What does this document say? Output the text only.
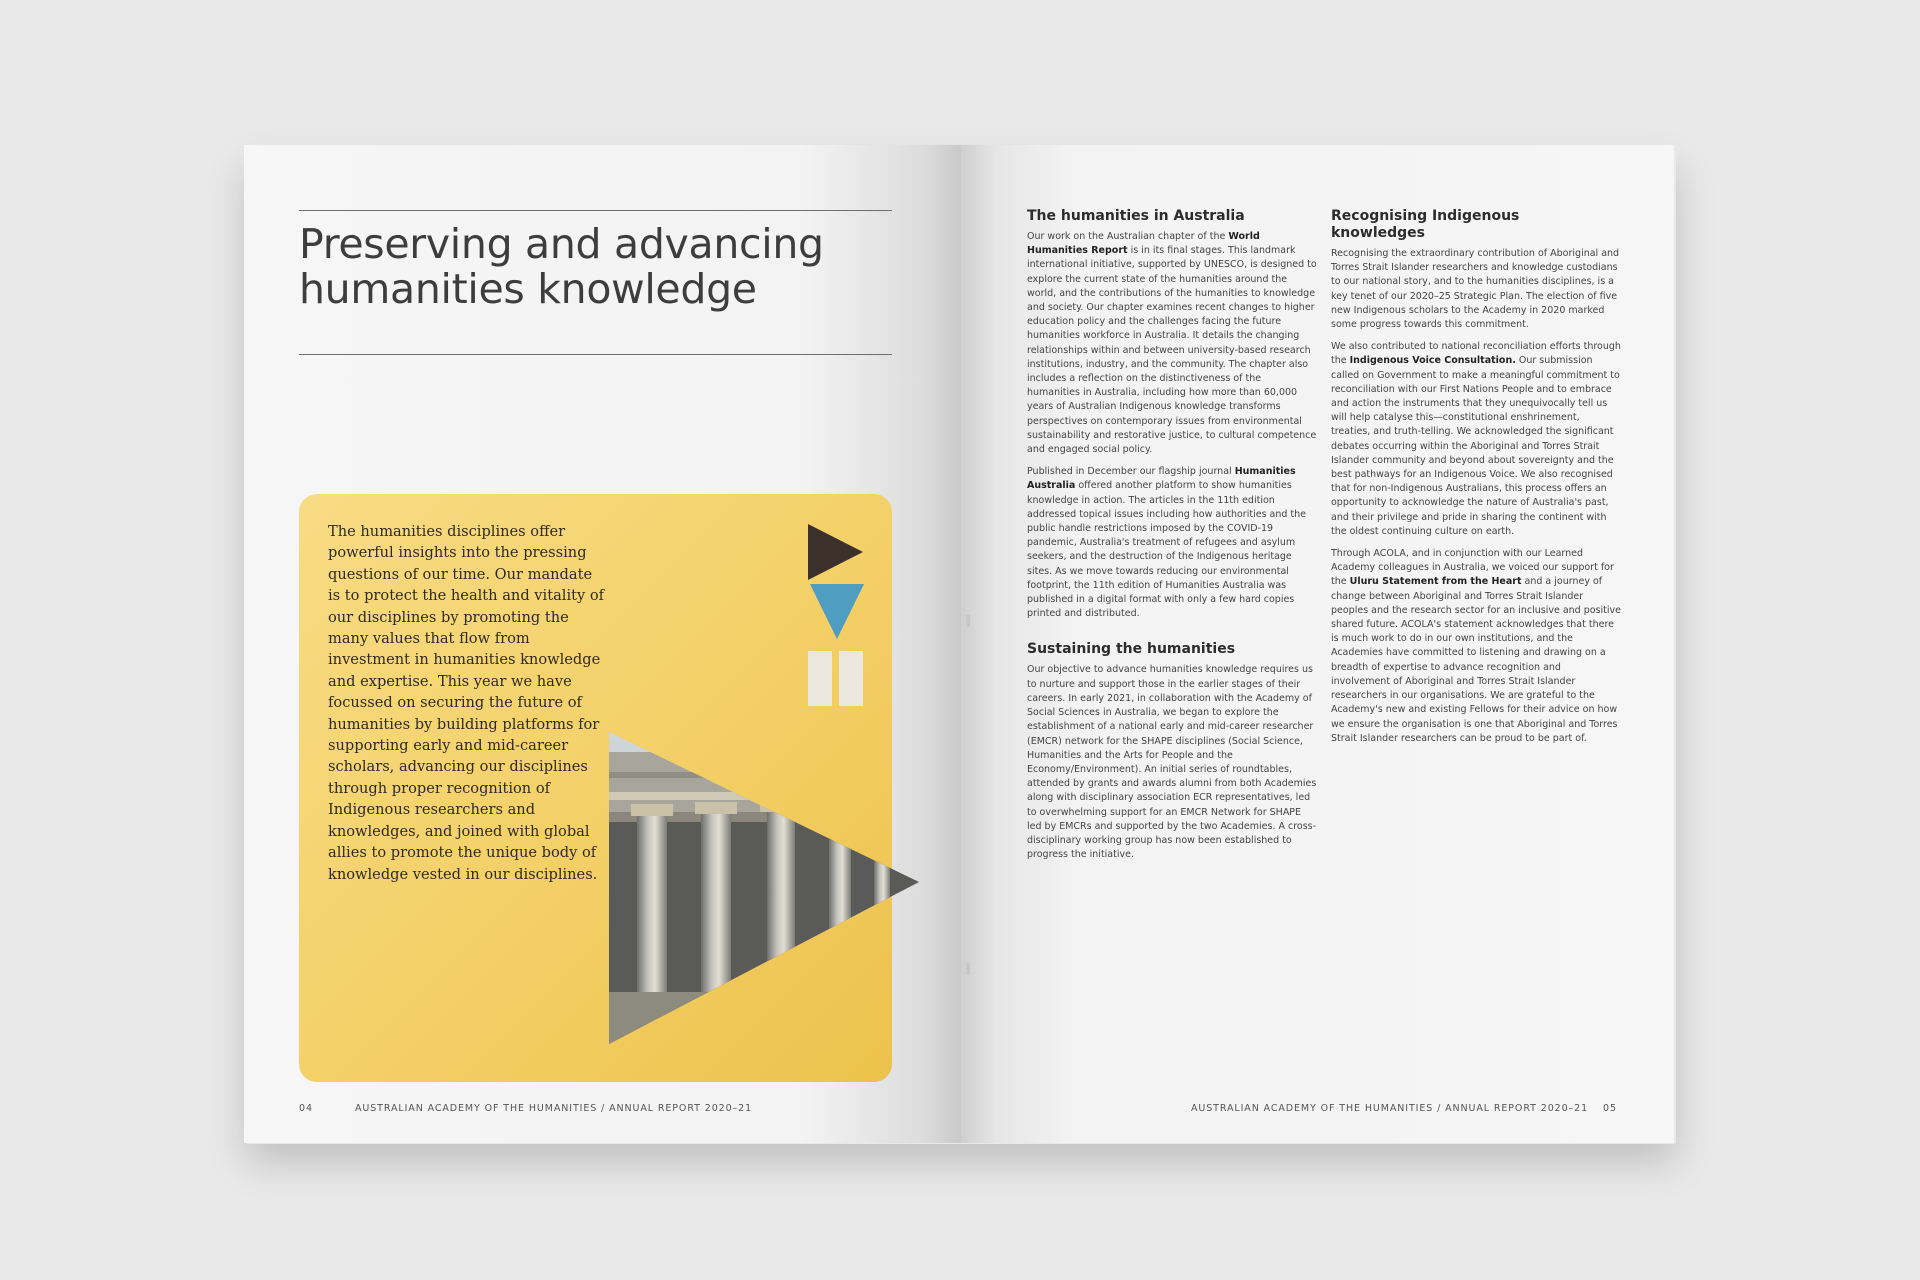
Preserving and advancing
humanities knowledge

The humanities disciplines offer powerful insights into the pressing questions of our time. Our mandate is to protect the health and vitality of our disciplines by promoting the many values that flow from investment in humanities knowledge and expertise. This year we have focussed on securing the future of humanities by building platforms for supporting early and mid-career scholars, advancing our disciplines through proper recognition of Indigenous researchers and knowledges, and joined with global allies to promote the unique body of knowledge vested in our disciplines.

04	AUSTRALIAN ACADEMY OF THE HUMANITIES / ANNUAL REPORT 2020–21
The humanities in Australia

Our work on the Australian chapter of the World Humanities Report is in its final stages. This landmark international initiative, supported by UNESCO, is designed to explore the current state of the humanities around the world, and the contributions of the humanities to knowledge and society. Our chapter examines recent changes to higher education policy and the challenges facing the future humanities workforce in Australia. It details the changing relationships within and between university-based research institutions, industry, and the community. The chapter also includes a reflection on the distinctiveness of the humanities in Australia, including how more than 60,000 years of Australian Indigenous knowledge transforms perspectives on contemporary issues from environmental sustainability and restorative justice, to cultural competence and engaged social policy.

Published in December our flagship journal Humanities Australia offered another platform to show humanities knowledge in action. The articles in the 11th edition addressed topical issues including how authorities and the public handle restrictions imposed by the COVID-19 pandemic, Australia's treatment of refugees and asylum seekers, and the destruction of the Indigenous heritage sites. As we move towards reducing our environmental footprint, the 11th edition of Humanities Australia was published in a digital format with only a few hard copies printed and distributed.

Sustaining the humanities

Our objective to advance humanities knowledge requires us to nurture and support those in the earlier stages of their careers. In early 2021, in collaboration with the Academy of Social Sciences in Australia, we began to explore the establishment of a national early and mid-career researcher (EMCR) network for the SHAPE disciplines (Social Science, Humanities and the Arts for People and the Economy/Environment). An initial series of roundtables, attended by grants and awards alumni from both Academies along with disciplinary association ECR representatives, led to overwhelming support for an EMCR Network for SHAPE led by EMCRs and supported by the two Academies. A cross-disciplinary working group has now been established to progress the initiative.

Recognising Indigenous
knowledges

Recognising the extraordinary contribution of Aboriginal and Torres Strait Islander researchers and knowledge custodians to our national story, and to the humanities disciplines, is a key tenet of our 2020–25 Strategic Plan. The election of five new Indigenous scholars to the Academy in 2020 marked some progress towards this commitment.

We also contributed to national reconciliation efforts through the Indigenous Voice Consultation. Our submission called on Government to make a meaningful commitment to reconciliation with our First Nations People and to embrace and action the instruments that they unequivocally tell us will help catalyse this—constitutional enshrinement, treaties, and truth-telling. We acknowledged the significant debates occurring within the Aboriginal and Torres Strait Islander community and beyond about sovereignty and the best pathways for an Indigenous Voice. We also recognised that for non-Indigenous Australians, this process offers an opportunity to acknowledge the nature of Australia's past, and their privilege and pride in sharing the continent with the oldest continuing culture on earth.

Through ACOLA, and in conjunction with our Learned Academy colleagues in Australia, we voiced our support for the Uluru Statement from the Heart and a journey of change between Aboriginal and Torres Strait Islander peoples and the research sector for an inclusive and positive shared future. ACOLA's statement acknowledges that there is much work to do in our own institutions, and the Academies have committed to listening and drawing on a breadth of expertise to advance recognition and involvement of Aboriginal and Torres Strait Islander researchers in our organisations. We are grateful to the Academy's new and existing Fellows for their advice on how we ensure the organisation is one that Aboriginal and Torres Strait Islander researchers can be proud to be part of.

AUSTRALIAN ACADEMY OF THE HUMANITIES / ANNUAL REPORT 2020–21 05
